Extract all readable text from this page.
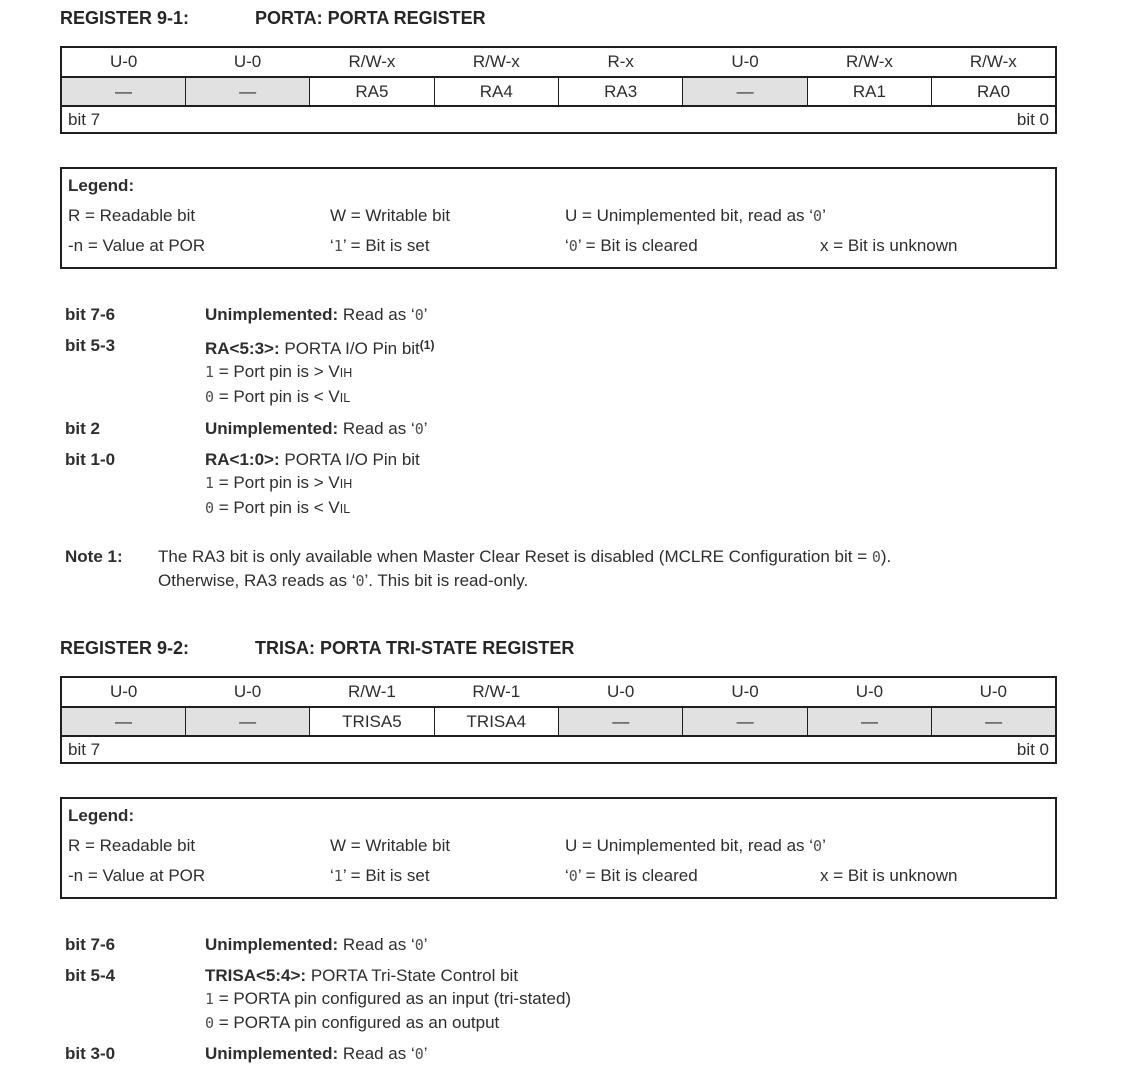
REGISTER 9-1:	PORTA: PORTA REGISTER
U-0	U-0	R/W-x	R/W-x	R-x	U-0	R/W-x	R/W-x
—	—	RA5	RA4	RA3	—	RA1	RA0
bit 7				bit 0			
Legend:
R = Readable bit	W = Writable bit	U = Unimplemented bit, read as ‘0’
-n = Value at POR	‘1’ = Bit is set	‘0’ = Bit is cleared	x = Bit is unknown
bit 7-6	Unimplemented: Read as ‘0’
bit 5-3	RA<5:3>: PORTA I/O Pin bit$^{(1)}$
1 = Port pin is > VIH
0 = Port pin is < VIL
bit 2	Unimplemented: Read as ‘0’
bit 1-0	RA<1:0>: PORTA I/O Pin bit
1 = Port pin is > VIH
0 = Port pin is < VIL
Note 1:	The RA3 bit is only available when Master Clear Reset is disabled (MCLRE Configuration bit = 0).
Otherwise, RA3 reads as ‘0’. This bit is read-only.
REGISTER 9-2:	TRISA: PORTA TRI-STATE REGISTER
U-0	U-0	R/W-1	R/W-1	U-0	U-0	U-0	U-0
—	—	TRISA5	TRISA4	—	—	—	—
bit 7				bit 0			
Legend:
R = Readable bit	W = Writable bit	U = Unimplemented bit, read as ‘0’
-n = Value at POR	‘1’ = Bit is set	‘0’ = Bit is cleared	x = Bit is unknown
bit 7-6	Unimplemented: Read as ‘0’
bit 5-4	TRISA<5:4>: PORTA Tri-State Control bit
1 = PORTA pin configured as an input (tri-stated)
0 = PORTA pin configured as an output
bit 3-0	Unimplemented: Read as ‘0’
